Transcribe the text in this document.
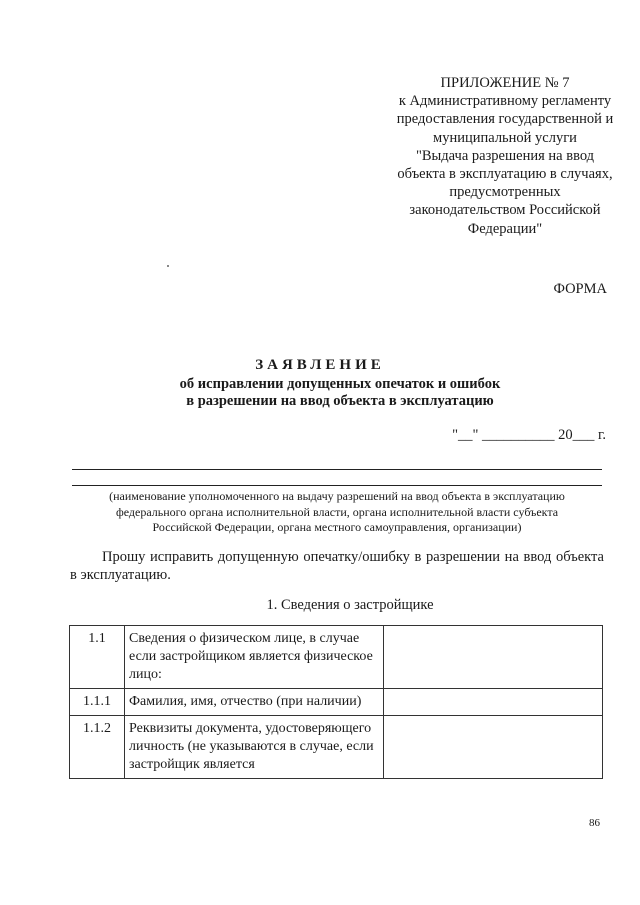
ПРИЛОЖЕНИЕ № 7
к Административному регламенту
предоставления государственной и
муниципальной услуги
"Выдача разрешения на ввод
объекта в эксплуатацию в случаях,
предусмотренных
законодательством Российской
Федерации"
ФОРМА
ЗАЯВЛЕНИЕ
об исправлении допущенных опечаток и ошибок
в разрешении на ввод объекта в эксплуатацию
"__" __________ 20___ г.
(наименование уполномоченного на выдачу разрешений на ввод объекта в эксплуатацию
федерального органа исполнительной власти, органа исполнительной власти субъекта
Российской Федерации, органа местного самоуправления, организации)
Прошу исправить допущенную опечатку/ошибку в разрешении на ввод объекта в эксплуатацию.
1. Сведения о застройщике
1.1	Сведения о физическом лице, в случае если застройщиком является физическое лицо:	
1.1.1	Фамилия, имя, отчество (при наличии)	
1.1.2	Реквизиты документа, удостоверяющего личность (не указываются в случае, если застройщик является	
86
